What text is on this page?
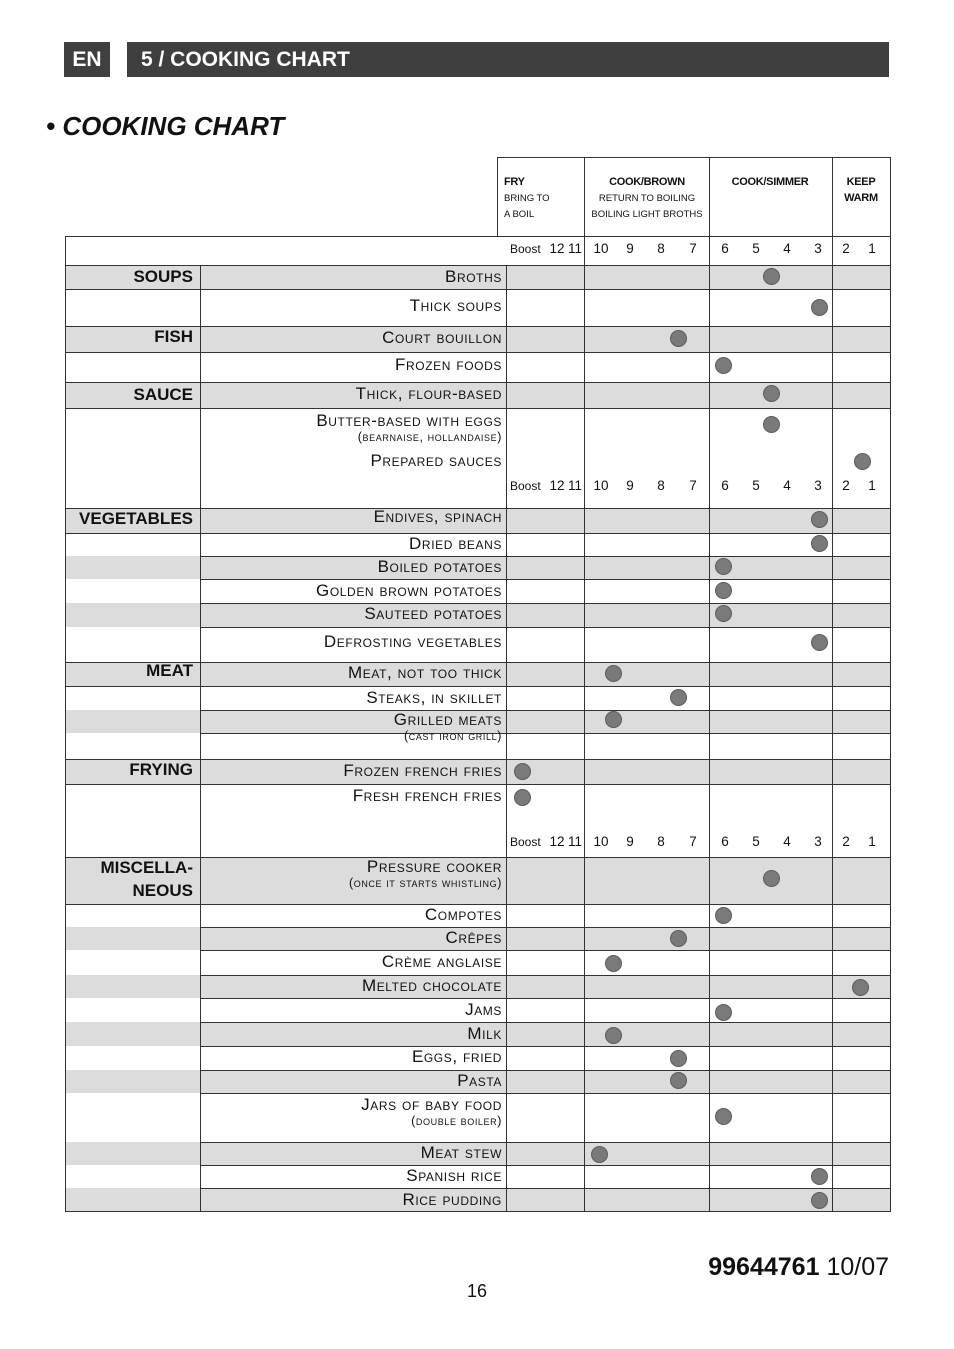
EN	5 / COOKING CHART
• COOKING CHART
FRY
BRING TO
A BOIL
COOK/BROWN
RETURN TO BOILING
BOILING LIGHT BROTHS
COOK/SIMMER	KEEP
WARM
Boost 12 11 10 9 8 7 6 5 4 3 2 1
Boost 12 11 10 9 8 7 6 5 4 3 2 1
Boost 12 11 10 9 8 7 6 5 4 3 2 1
SOUPS
FISH
SAUCE
VEGETABLES
MEAT
FRYING
MISCELLA-
NEOUS
Broths
Thick soups
Court bouillon
Frozen foods
Thick, flour-based
Butter-based with eggs
(bearnaise, hollandaise)
Prepared sauces
Endives, spinach
Dried beans
Boiled potatoes
Golden brown potatoes
Sauteed potatoes
Defrosting vegetables
Meat, not too thick
Steaks, in skillet
Grilled meats
(cast iron grill)
Frozen french fries
Fresh french fries
Pressure cooker
(once it starts whistling)
Compotes
Crêpes
Crème anglaise
Melted chocolate
Jams
Milk
Eggs, fried
Pasta
Jars of baby food
(double boiler)
Meat stew
Spanish rice
Rice pudding
16
99644761 10/07
